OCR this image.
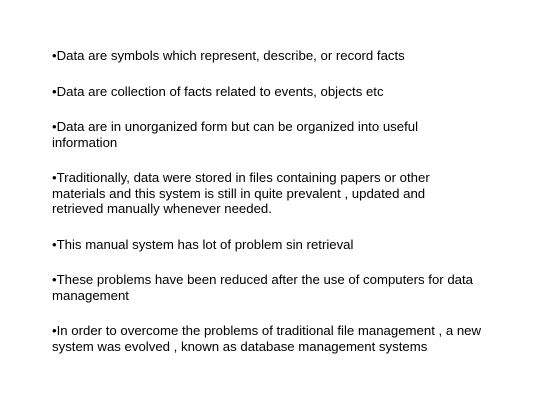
•Data are symbols which represent, describe, or record facts
•Data are collection of facts related to events, objects etc
•Data are in unorganized form but can be organized into useful
information
•Traditionally, data were stored in files containing papers or other
materials and this system is still in quite prevalent , updated and
retrieved manually whenever needed.
•This manual system has lot of problem sin retrieval
•These problems have been reduced after the use of computers for data
management
•In order to overcome the problems of traditional file management , a new
system was evolved , known as database management systems
